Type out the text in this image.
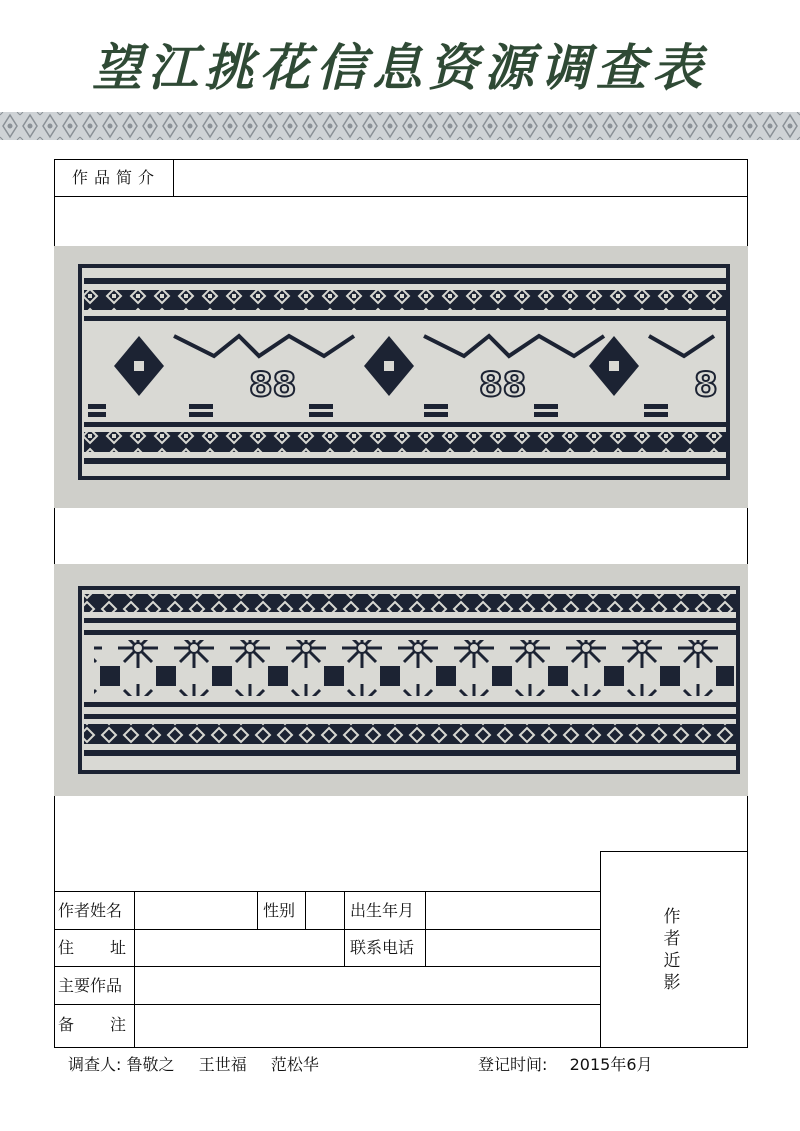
望江挑花信息资源调查表
作品简介
88	88	8
作
者
近
影
作者姓名	性别	出生年月
住 址	联系电话
主要作品
备 注
调查人: 鲁敬之 王世福 范松华	登记时间: 2015年6月
